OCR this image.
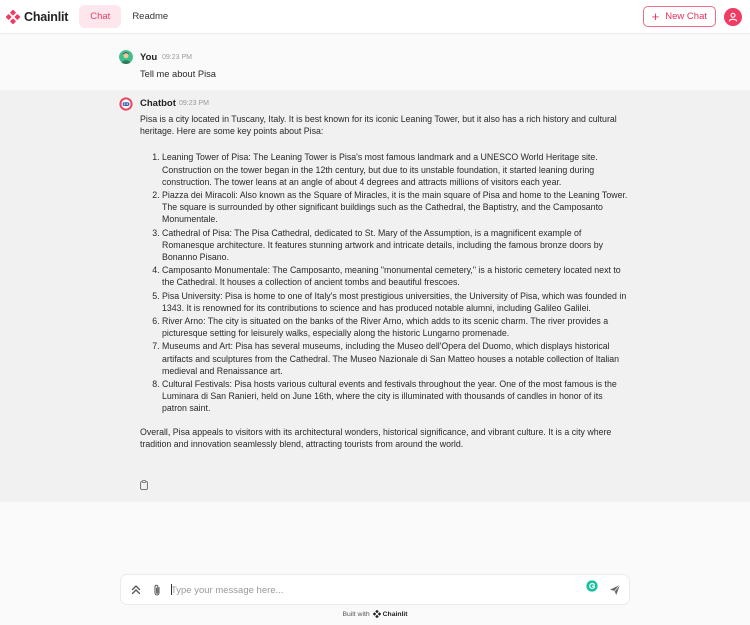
Chainlit	Chat	Readme	+ New Chat
You 09:23 PM
Tell me about Pisa
Chatbot 09:23 PM

Pisa is a city located in Tuscany, Italy. It is best known for its iconic Leaning Tower, but it also has a rich history and cultural heritage. Here are some key points about Pisa:

1. Leaning Tower of Pisa: The Leaning Tower is Pisa's most famous landmark and a UNESCO World Heritage site. Construction on the tower began in the 12th century, but due to its unstable foundation, it started leaning during construction. The tower leans at an angle of about 4 degrees and attracts millions of visitors each year.
2. Piazza dei Miracoli: Also known as the Square of Miracles, it is the main square of Pisa and home to the Leaning Tower. The square is surrounded by other significant buildings such as the Cathedral, the Baptistry, and the Camposanto Monumentale.
3. Cathedral of Pisa: The Pisa Cathedral, dedicated to St. Mary of the Assumption, is a magnificent example of Romanesque architecture. It features stunning artwork and intricate details, including the famous bronze doors by Bonanno Pisano.
4. Camposanto Monumentale: The Camposanto, meaning "monumental cemetery," is a historic cemetery located next to the Cathedral. It houses a collection of ancient tombs and beautiful frescoes.
5. Pisa University: Pisa is home to one of Italy's most prestigious universities, the University of Pisa, which was founded in 1343. It is renowned for its contributions to science and has produced notable alumni, including Galileo Galilei.
6. River Arno: The city is situated on the banks of the River Arno, which adds to its scenic charm. The river provides a picturesque setting for leisurely walks, especially along the historic Lungarno promenade.
7. Museums and Art: Pisa has several museums, including the Museo dell'Opera del Duomo, which displays historical artifacts and sculptures from the Cathedral. The Museo Nazionale di San Matteo houses a notable collection of Italian medieval and Renaissance art.
8. Cultural Festivals: Pisa hosts various cultural events and festivals throughout the year. One of the most famous is the Luminara di San Ranieri, held on June 16th, where the city is illuminated with thousands of candles in honor of its patron saint.

Overall, Pisa appeals to visitors with its architectural wonders, historical significance, and vibrant culture. It is a city where tradition and innovation seamlessly blend, attracting tourists from around the world.

Type your message here...
Built with Chainlit
